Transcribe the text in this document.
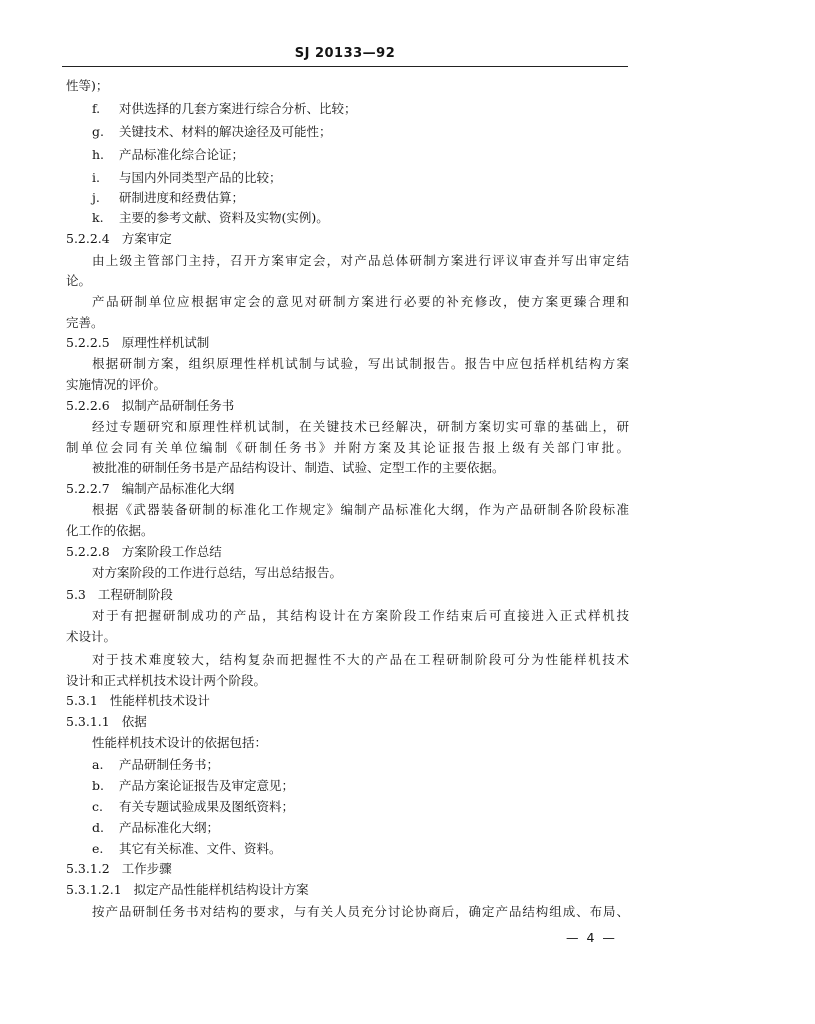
SJ 20133—92
性等)；
f. 对供选择的几套方案进行综合分析、比较；
g. 关键技术、材料的解决途径及可能性；
h. 产品标准化综合论证；
i. 与国内外同类型产品的比较；
j. 研制进度和经费估算；
k. 主要的参考文献、资料及实物(实例)。
5.2.2.4 方案审定
由上级主管部门主持，召开方案审定会，对产品总体研制方案进行评议审查并写出审定结
论。
产品研制单位应根据审定会的意见对研制方案进行必要的补充修改，使方案更臻合理和
完善。
5.2.2.5 原理性样机试制
根据研制方案，组织原理性样机试制与试验，写出试制报告。报告中应包括样机结构方案
实施情况的评价。
5.2.2.6 拟制产品研制任务书
经过专题研究和原理性样机试制，在关键技术已经解决，研制方案切实可靠的基础上，研
制单位会同有关单位编制《研制任务书》并附方案及其论证报告报上级有关部门审批。
被批准的研制任务书是产品结构设计、制造、试验、定型工作的主要依据。
5.2.2.7 编制产品标准化大纲
根据《武器装备研制的标准化工作规定》编制产品标准化大纲，作为产品研制各阶段标准
化工作的依据。
5.2.2.8 方案阶段工作总结
对方案阶段的工作进行总结，写出总结报告。
5.3 工程研制阶段
对于有把握研制成功的产品，其结构设计在方案阶段工作结束后可直接进入正式样机技
术设计。
对于技术难度较大，结构复杂而把握性不大的产品在工程研制阶段可分为性能样机技术
设计和正式样机技术设计两个阶段。
5.3.1 性能样机技术设计
5.3.1.1 依据
性能样机技术设计的依据包括：
a. 产品研制任务书；
b. 产品方案论证报告及审定意见；
c. 有关专题试验成果及图纸资料；
d. 产品标准化大纲；
e. 其它有关标准、文件、资料。
5.3.1.2 工作步骤
5.3.1.2.1 拟定产品性能样机结构设计方案
按产品研制任务书对结构的要求，与有关人员充分讨论协商后，确定产品结构组成、布局、
— 4 —
